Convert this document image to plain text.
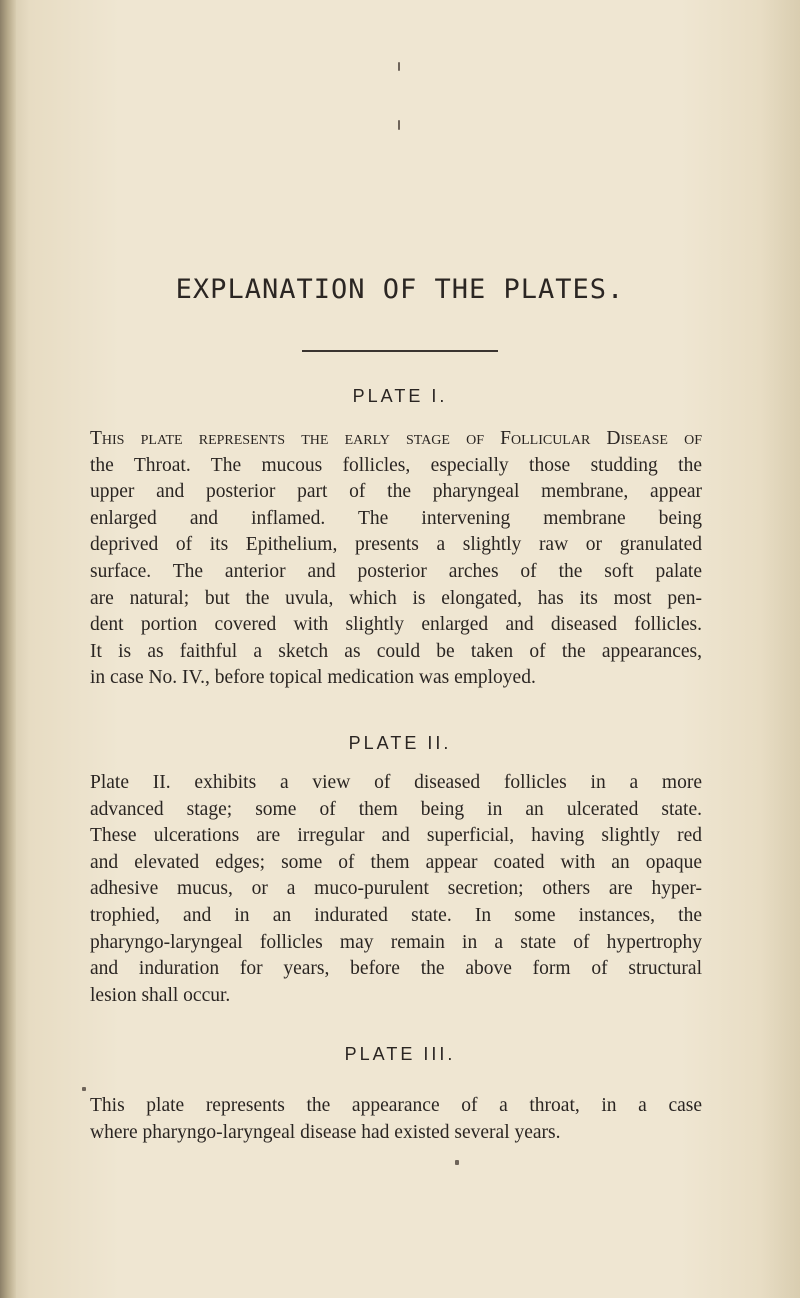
EXPLANATION OF THE PLATES.
PLATE I.
This plate represents the early stage of Follicular Disease of
the Throat. The mucous follicles, especially those studding the
upper and posterior part of the pharyngeal membrane, appear
enlarged and inflamed. The intervening membrane being
deprived of its Epithelium, presents a slightly raw or granulated
surface. The anterior and posterior arches of the soft palate
are natural; but the uvula, which is elongated, has its most pen-
dent portion covered with slightly enlarged and diseased follicles.
It is as faithful a sketch as could be taken of the appearances,
in case No. IV., before topical medication was employed.
PLATE II.
Plate II. exhibits a view of diseased follicles in a more
advanced stage; some of them being in an ulcerated state.
These ulcerations are irregular and superficial, having slightly red
and elevated edges; some of them appear coated with an opaque
adhesive mucus, or a muco-purulent secretion; others are hyper-
trophied, and in an indurated state. In some instances, the
pharyngo-laryngeal follicles may remain in a state of hypertrophy
and induration for years, before the above form of structural
lesion shall occur.
PLATE III.
This plate represents the appearance of a throat, in a case
where pharyngo-laryngeal disease had existed several years.
